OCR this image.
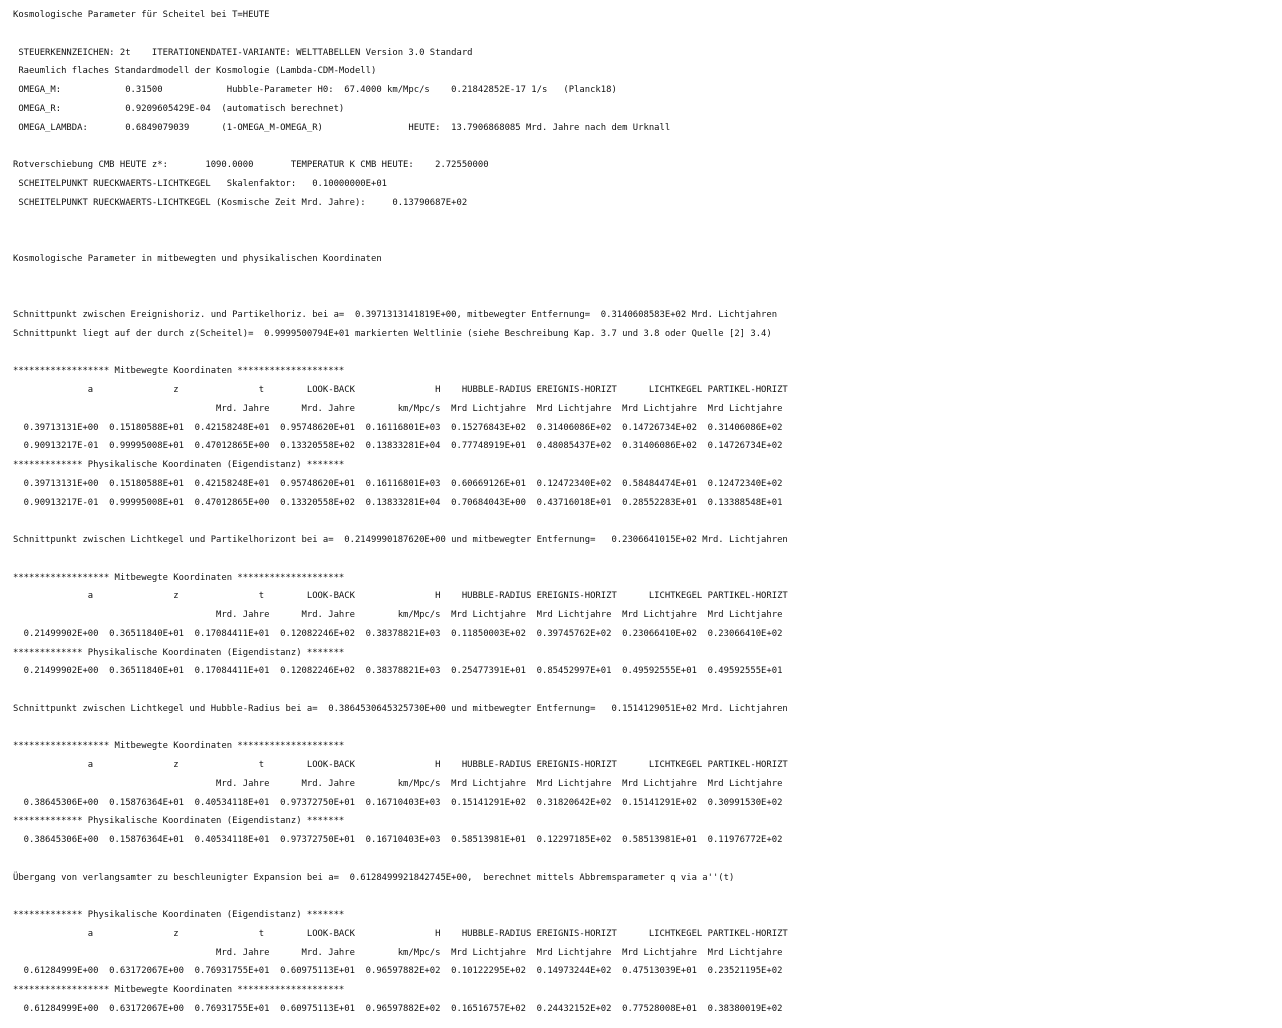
Kosmologische Parameter für Scheitel bei T=HEUTE

STEUERKENNZEICHEN: 2t    ITERATIONENDATEI-VARIANTE: WELTTABELLEN Version 3.0 Standard
Raeumlich flaches Standardmodell der Kosmologie (Lambda-CDM-Modell)
OMEGA_M:            0.31500            Hubble-Parameter H0:  67.4000 km/Mpc/s    0.21842852E-17 1/s   (Planck18)
OMEGA_R:            0.9209605429E-04  (automatisch berechnet)
OMEGA_LAMBDA:       0.6849079039      (1-OMEGA_M-OMEGA_R)                HEUTE:  13.7906868085 Mrd. Jahre nach dem Urknall

Rotverschiebung CMB HEUTE z*:       1090.0000       TEMPERATUR K CMB HEUTE:    2.72550000
SCHEITELPUNKT RUECKWAERTS-LICHTKEGEL   Skalenfaktor:   0.10000000E+01
SCHEITELPUNKT RUECKWAERTS-LICHTKEGEL (Kosmische Zeit Mrd. Jahre):     0.13790687E+02

Kosmologische Parameter in mitbewegten und physikalischen Koordinaten

Schnittpunkt zwischen Ereignishoriz. und Partikelhoriz. bei a=  0.3971313141819E+00, mitbewegter Entfernung=  0.3140608583E+02 Mrd. Lichtjahren
Schnittpunkt liegt auf der durch z(Scheitel)=  0.9999500794E+01 markierten Weltlinie (siehe Beschreibung Kap. 3.7 und 3.8 oder Quelle [2] 3.4)

****************** Mitbewegte Koordinaten ********************
a               z               t        LOOK-BACK               H    HUBBLE-RADIUS EREIGNIS-HORIZT      LICHTKEGEL PARTIKEL-HORIZT
Mrd. Jahre      Mrd. Jahre        km/Mpc/s  Mrd Lichtjahre  Mrd Lichtjahre  Mrd Lichtjahre  Mrd Lichtjahre
0.39713131E+00  0.15180588E+01  0.42158248E+01  0.95748620E+01  0.16116801E+03  0.15276843E+02  0.31406086E+02  0.14726734E+02  0.31406086E+02
0.90913217E-01  0.99995008E+01  0.47012865E+00  0.13320558E+02  0.13833281E+04  0.77748919E+01  0.48085437E+02  0.31406086E+02  0.14726734E+02
************* Physikalische Koordinaten (Eigendistanz) *******
0.39713131E+00  0.15180588E+01  0.42158248E+01  0.95748620E+01  0.16116801E+03  0.60669126E+01  0.12472340E+02  0.58484474E+01  0.12472340E+02
0.90913217E-01  0.99995008E+01  0.47012865E+00  0.13320558E+02  0.13833281E+04  0.70684043E+00  0.43716018E+01  0.28552283E+01  0.13388548E+01

Schnittpunkt zwischen Lichtkegel und Partikelhorizont bei a=  0.2149990187620E+00 und mitbewegter Entfernung=   0.2306641015E+02 Mrd. Lichtjahren

****************** Mitbewegte Koordinaten ********************
a               z               t        LOOK-BACK               H    HUBBLE-RADIUS EREIGNIS-HORIZT      LICHTKEGEL PARTIKEL-HORIZT
Mrd. Jahre      Mrd. Jahre        km/Mpc/s  Mrd Lichtjahre  Mrd Lichtjahre  Mrd Lichtjahre  Mrd Lichtjahre
0.21499902E+00  0.36511840E+01  0.17084411E+01  0.12082246E+02  0.38378821E+03  0.11850003E+02  0.39745762E+02  0.23066410E+02  0.23066410E+02
************* Physikalische Koordinaten (Eigendistanz) *******
0.21499902E+00  0.36511840E+01  0.17084411E+01  0.12082246E+02  0.38378821E+03  0.25477391E+01  0.85452997E+01  0.49592555E+01  0.49592555E+01

Schnittpunkt zwischen Lichtkegel und Hubble-Radius bei a=  0.3864530645325730E+00 und mitbewegter Entfernung=   0.1514129051E+02 Mrd. Lichtjahren

****************** Mitbewegte Koordinaten ********************
a               z               t        LOOK-BACK               H    HUBBLE-RADIUS EREIGNIS-HORIZT      LICHTKEGEL PARTIKEL-HORIZT
Mrd. Jahre      Mrd. Jahre        km/Mpc/s  Mrd Lichtjahre  Mrd Lichtjahre  Mrd Lichtjahre  Mrd Lichtjahre
0.38645306E+00  0.15876364E+01  0.40534118E+01  0.97372750E+01  0.16710403E+03  0.15141291E+02  0.31820642E+02  0.15141291E+02  0.30991530E+02
************* Physikalische Koordinaten (Eigendistanz) *******
0.38645306E+00  0.15876364E+01  0.40534118E+01  0.97372750E+01  0.16710403E+03  0.58513981E+01  0.12297185E+02  0.58513981E+01  0.11976772E+02

Übergang von verlangsamter zu beschleunigter Expansion bei a=  0.6128499921842745E+00,  berechnet mittels Abbremsparameter q via a''(t)

************* Physikalische Koordinaten (Eigendistanz) *******
a               z               t        LOOK-BACK               H    HUBBLE-RADIUS EREIGNIS-HORIZT      LICHTKEGEL PARTIKEL-HORIZT
Mrd. Jahre      Mrd. Jahre        km/Mpc/s  Mrd Lichtjahre  Mrd Lichtjahre  Mrd Lichtjahre  Mrd Lichtjahre
0.61284999E+00  0.63172067E+00  0.76931755E+01  0.60975113E+01  0.96597882E+02  0.10122295E+02  0.14973244E+02  0.47513039E+01  0.23521195E+02
****************** Mitbewegte Koordinaten ********************
0.61284999E+00  0.63172067E+00  0.76931755E+01  0.60975113E+01  0.96597882E+02  0.16516757E+02  0.24432152E+02  0.77528008E+01  0.38380019E+02
